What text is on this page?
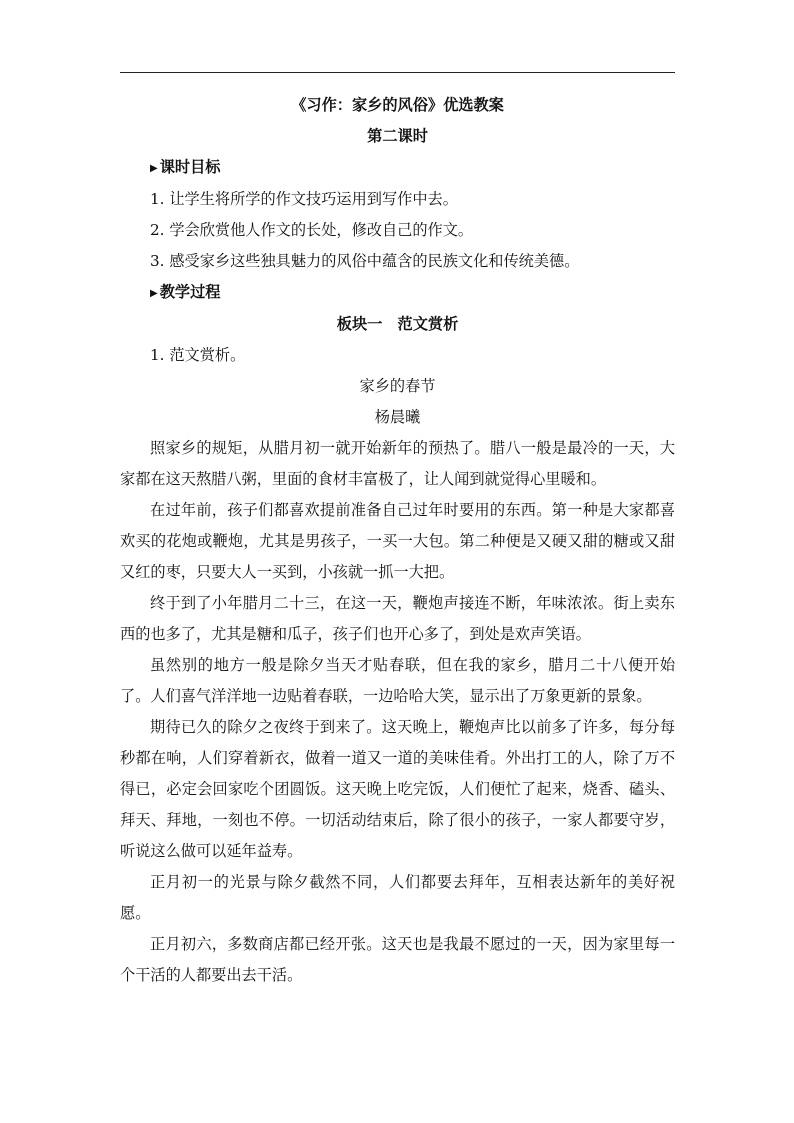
《习作：家乡的风俗》优选教案

第二课时

▶ 课时目标

1. 让学生将所学的作文技巧运用到写作中去。

2. 学会欣赏他人作文的长处，修改自己的作文。

3. 感受家乡这些独具魅力的风俗中蕴含的民族文化和传统美德。

▶ 教学过程

板块一　范文赏析

1. 范文赏析。

家乡的春节

杨晨曦

照家乡的规矩，从腊月初一就开始新年的预热了。腊八一般是最冷的一天，大家都在这天熬腊八粥，里面的食材丰富极了，让人闻到就觉得心里暖和。

在过年前，孩子们都喜欢提前准备自己过年时要用的东西。第一种是大家都喜欢买的花炮或鞭炮，尤其是男孩子，一买一大包。第二种便是又硬又甜的糖或又甜又红的枣，只要大人一买到，小孩就一抓一大把。

终于到了小年腊月二十三，在这一天，鞭炮声接连不断，年味浓浓。街上卖东西的也多了，尤其是糖和瓜子，孩子们也开心多了，到处是欢声笑语。

虽然别的地方一般是除夕当天才贴春联，但在我的家乡，腊月二十八便开始了。人们喜气洋洋地一边贴着春联，一边哈哈大笑，显示出了万象更新的景象。

期待已久的除夕之夜终于到来了。这天晚上，鞭炮声比以前多了许多，每分每秒都在响，人们穿着新衣，做着一道又一道的美味佳肴。外出打工的人，除了万不得已，必定会回家吃个团圆饭。这天晚上吃完饭，人们便忙了起来，烧香、磕头、拜天、拜地，一刻也不停。一切活动结束后，除了很小的孩子，一家人都要守岁，听说这么做可以延年益寿。

正月初一的光景与除夕截然不同，人们都要去拜年，互相表达新年的美好祝愿。

正月初六，多数商店都已经开张。这天也是我最不愿过的一天，因为家里每一个干活的人都要出去干活。
